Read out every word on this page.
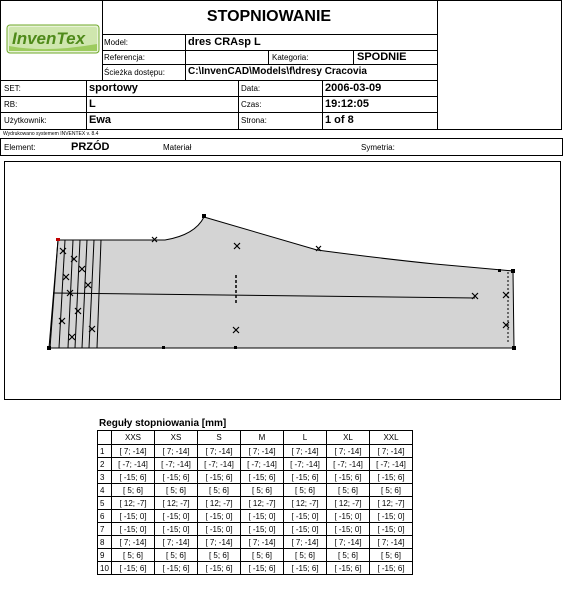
STOPNIOWANIE
InvenTex Model:	dres CRAsp L
Referencja:	Kategoria:	SPODNIE
Ścieżka dostępu: C:\InvenCAD\Models\f\dresy Cracovia
SET:	sportowy	Data:	2006-03-09
RB:	L	Czas:	19:12:05
Użytkownik:	Ewa	Strona:	1 of 8
Wydrukowano systemem INVENTEX v. 8.4
Element:	PRZÓD	Materiał	Symetria:
Reguły stopniowania [mm]
	XXS	XS	S	M	L	XL	XXL
1	[ 7; -14]	[ 7; -14]	[ 7; -14]	[ 7; -14]	[ 7; -14]	[ 7; -14]	[ 7; -14]
2	[ -7; -14]	[ -7; -14]	[ -7; -14]	[ -7; -14]	[ -7; -14]	[ -7; -14]	[ -7; -14]
3	[ -15; 6]	[ -15; 6]	[ -15; 6]	[ -15; 6]	[ -15; 6]	[ -15; 6]	[ -15; 6]
4	[ 5; 6]	[ 5; 6]	[ 5; 6]	[ 5; 6]	[ 5; 6]	[ 5; 6]	[ 5; 6]
5	[ 12; -7]	[ 12; -7]	[ 12; -7]	[ 12; -7]	[ 12; -7]	[ 12; -7]	[ 12; -7]
6	[ -15; 0]	[ -15; 0]	[ -15; 0]	[ -15; 0]	[ -15; 0]	[ -15; 0]	[ -15; 0]
7	[ -15; 0]	[ -15; 0]	[ -15; 0]	[ -15; 0]	[ -15; 0]	[ -15; 0]	[ -15; 0]
8	[ 7; -14]	[ 7; -14]	[ 7; -14]	[ 7; -14]	[ 7; -14]	[ 7; -14]	[ 7; -14]
9	[ 5; 6]	[ 5; 6]	[ 5; 6]	[ 5; 6]	[ 5; 6]	[ 5; 6]	[ 5; 6]
10	[ -15; 6]	[ -15; 6]	[ -15; 6]	[ -15; 6]	[ -15; 6]	[ -15; 6]	[ -15; 6]
